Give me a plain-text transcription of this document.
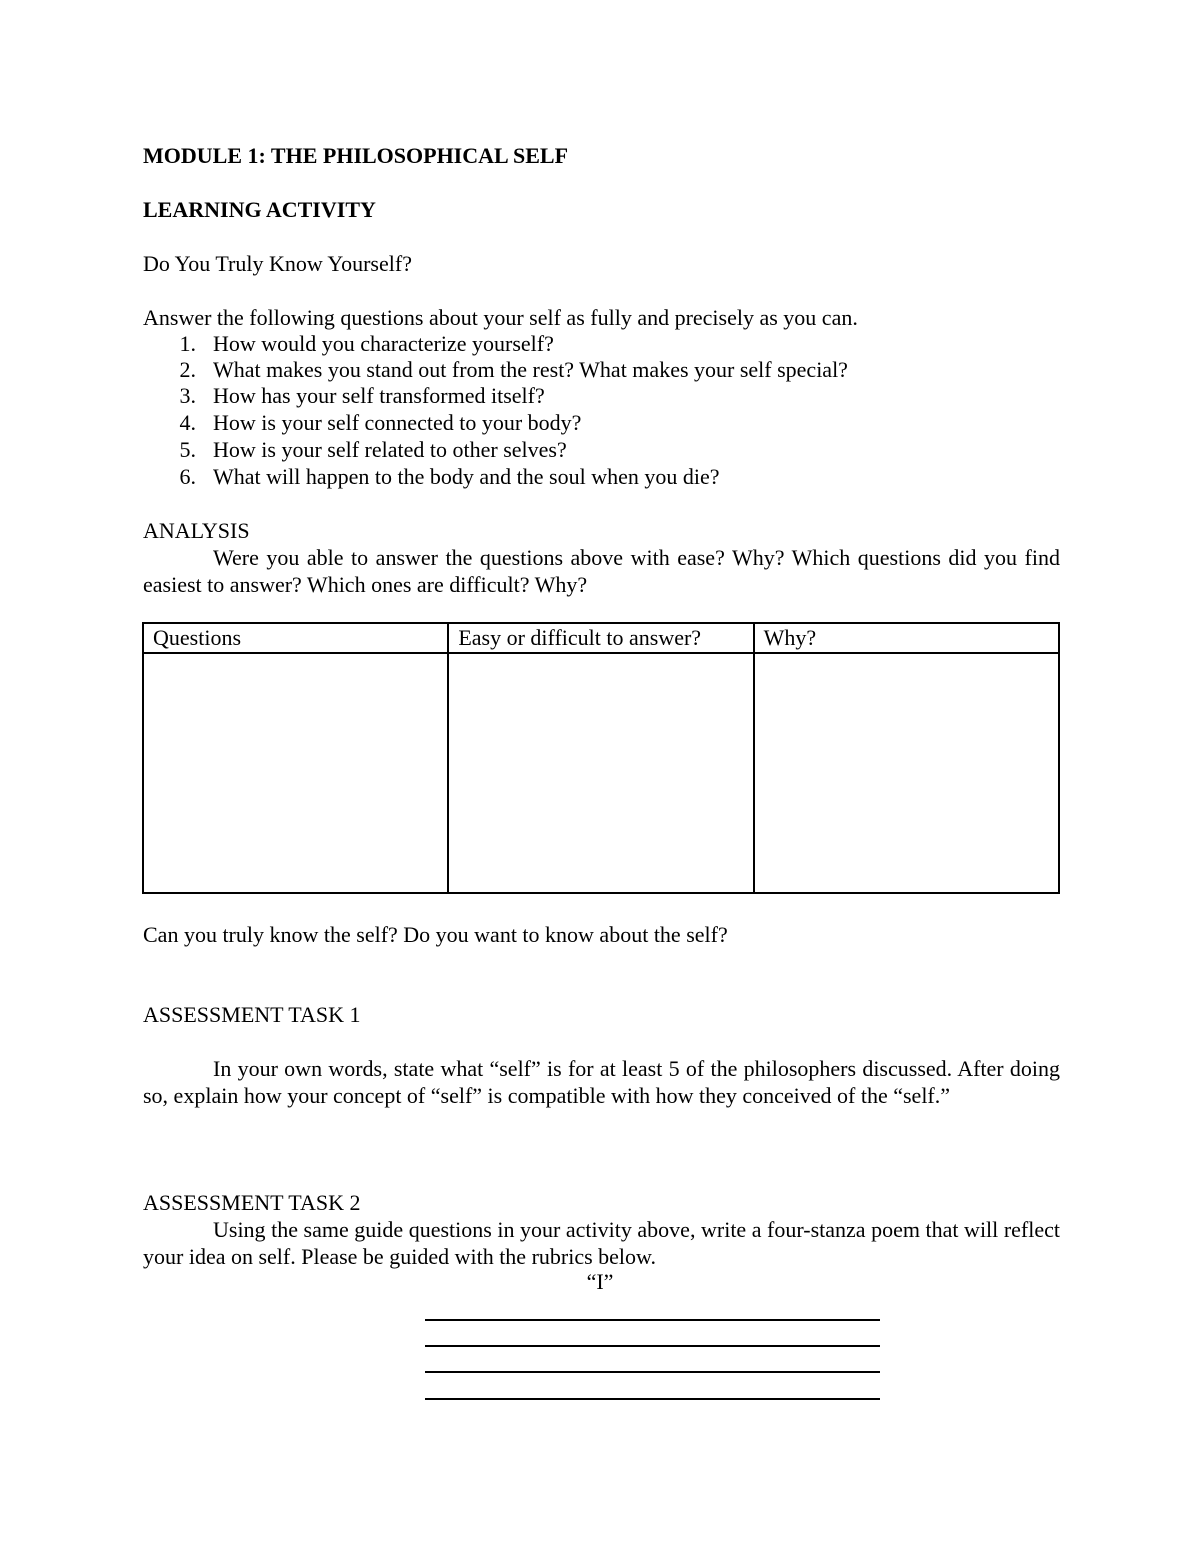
MODULE 1: THE PHILOSOPHICAL SELF
LEARNING ACTIVITY
Do You Truly Know Yourself?
Answer the following questions about your self as fully and precisely as you can.
1. How would you characterize yourself?
2. What makes you stand out from the rest? What makes your self special?
3. How has your self transformed itself?
4. How is your self connected to your body?
5. How is your self related to other selves?
6. What will happen to the body and the soul when you die?
ANALYSIS
Were you able to answer the questions above with ease? Why? Which questions did you find easiest to answer? Which ones are difficult? Why?
Questions	Easy or difficult to answer?	Why?

Can you truly know the self? Do you want to know about the self?
ASSESSMENT TASK 1
In your own words, state what “self” is for at least 5 of the philosophers discussed. After doing so, explain how your concept of “self” is compatible with how they conceived of the “self.”
ASSESSMENT TASK 2
Using the same guide questions in your activity above, write a four-stanza poem that will reflect your idea on self. Please be guided with the rubrics below.
“I”
